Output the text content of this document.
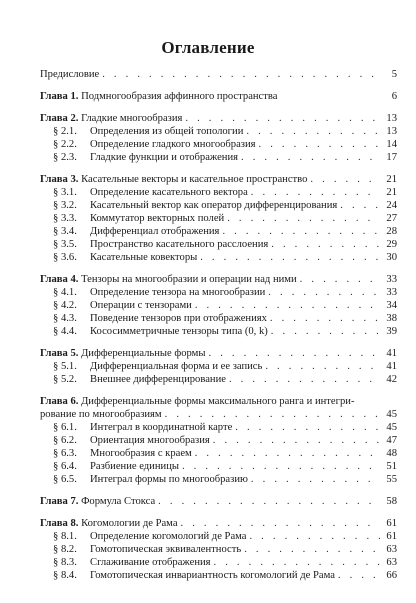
Оглавление
Предисловие . . .	5
Глава 1. Подмногообразия аффинного пространства	6
Глава 2. Гладкие многообразия . . .	13
§ 2.1.	Определения из общей топологии . . .	13
§ 2.2.	Определение гладкого многообразия . . .	14
§ 2.3.	Гладкие функции и отображения . . .	17
Глава 3. Касательные векторы и касательное пространство . . .	21
§ 3.1.	Определение касательного вектора . . .	21
§ 3.2.	Касательный вектор как оператор дифференцирования . . .	24
§ 3.3.	Коммутатор векторных полей . . .	27
§ 3.4.	Дифференциал отображения . . .	28
§ 3.5.	Пространство касательного расслоения . . .	29
§ 3.6.	Касательные ковекторы . . .	30
Глава 4. Тензоры на многообразии и операции над ними . . .	33
§ 4.1.	Определение тензора на многообразии . . .	33
§ 4.2.	Операции с тензорами . . .	34
§ 4.3.	Поведение тензоров при отображениях . . .	38
§ 4.4.	Кососимметричные тензоры типа (0, k) . . .	39
Глава 5. Дифференциальные формы . . .	41
§ 5.1.	Дифференциальная форма и ее запись . . .	41
§ 5.2.	Внешнее дифференцирование . . .	42
Глава 6. Дифференциальные формы максимального ранга и интегри-
рование по многообразиям . . .	45
§ 6.1.	Интеграл в координатной карте . . .	45
§ 6.2.	Ориентация многообразия . . .	47
§ 6.3.	Многообразия с краем . . .	48
§ 6.4.	Разбиение единицы . . .	51
§ 6.5.	Интеграл формы по многообразию . . .	55
Глава 7. Формула Стокса . . .	58
Глава 8. Когомологии де Рама . . .	61
§ 8.1.	Определение когомологий де Рама . . .	61
§ 8.2.	Гомотопическая эквивалентность . . .	63
§ 8.3.	Сглаживание отображения . . .	63
§ 8.4.	Гомотопическая инвариантность когомологий де Рама . . .	66
